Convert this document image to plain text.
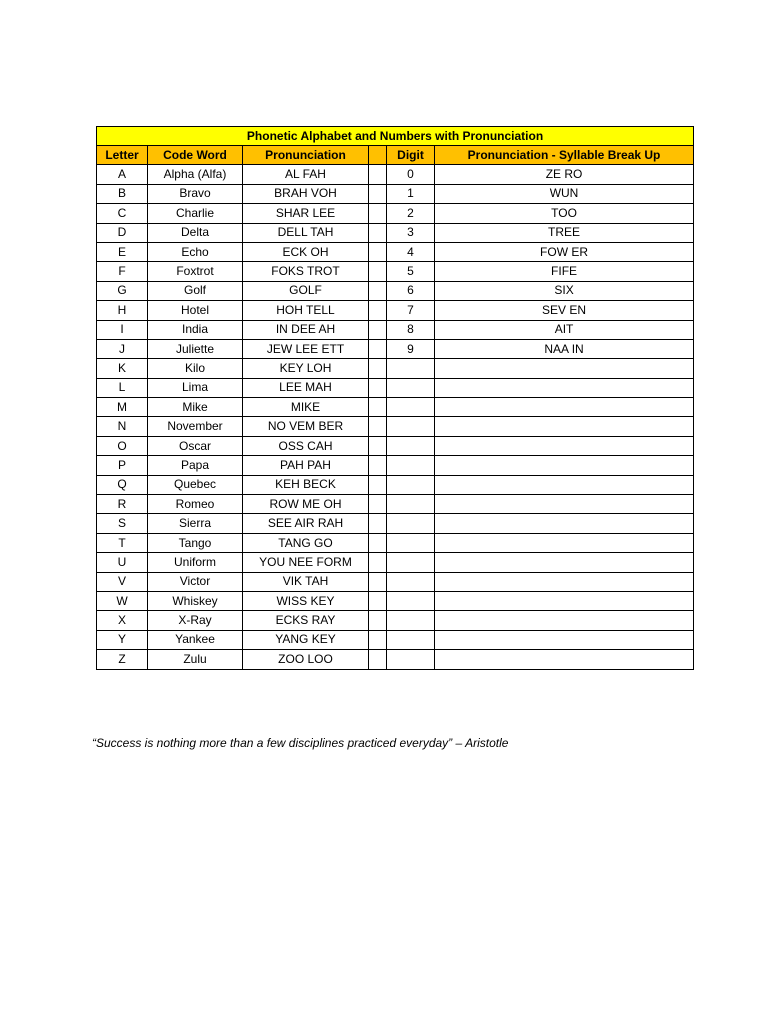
Phonetic Alphabet and Numbers with Pronunciation					
Letter	Code Word	Pronunciation		Digit	Pronunciation - Syllable Break Up
A	Alpha (Alfa)	AL FAH		0	ZE RO
B	Bravo	BRAH VOH		1	WUN
C	Charlie	SHAR LEE		2	TOO
D	Delta	DELL TAH		3	TREE
E	Echo	ECK OH		4	FOW ER
F	Foxtrot	FOKS TROT		5	FIFE
G	Golf	GOLF		6	SIX
H	Hotel	HOH TELL		7	SEV EN
I	India	IN DEE AH		8	AIT
J	Juliette	JEW LEE ETT		9	NAA IN
K	Kilo	KEY LOH			
L	Lima	LEE MAH			
M	Mike	MIKE			
N	November	NO VEM BER			
O	Oscar	OSS CAH			
P	Papa	PAH PAH			
Q	Quebec	KEH BECK			
R	Romeo	ROW ME OH			
S	Sierra	SEE AIR RAH			
T	Tango	TANG GO			
U	Uniform	YOU NEE FORM			
V	Victor	VIK TAH			
W	Whiskey	WISS KEY			
X	X-Ray	ECKS RAY			
Y	Yankee	YANG KEY			
Z	Zulu	ZOO LOO			
“Success is nothing more than a few disciplines practiced everyday” – Aristotle
